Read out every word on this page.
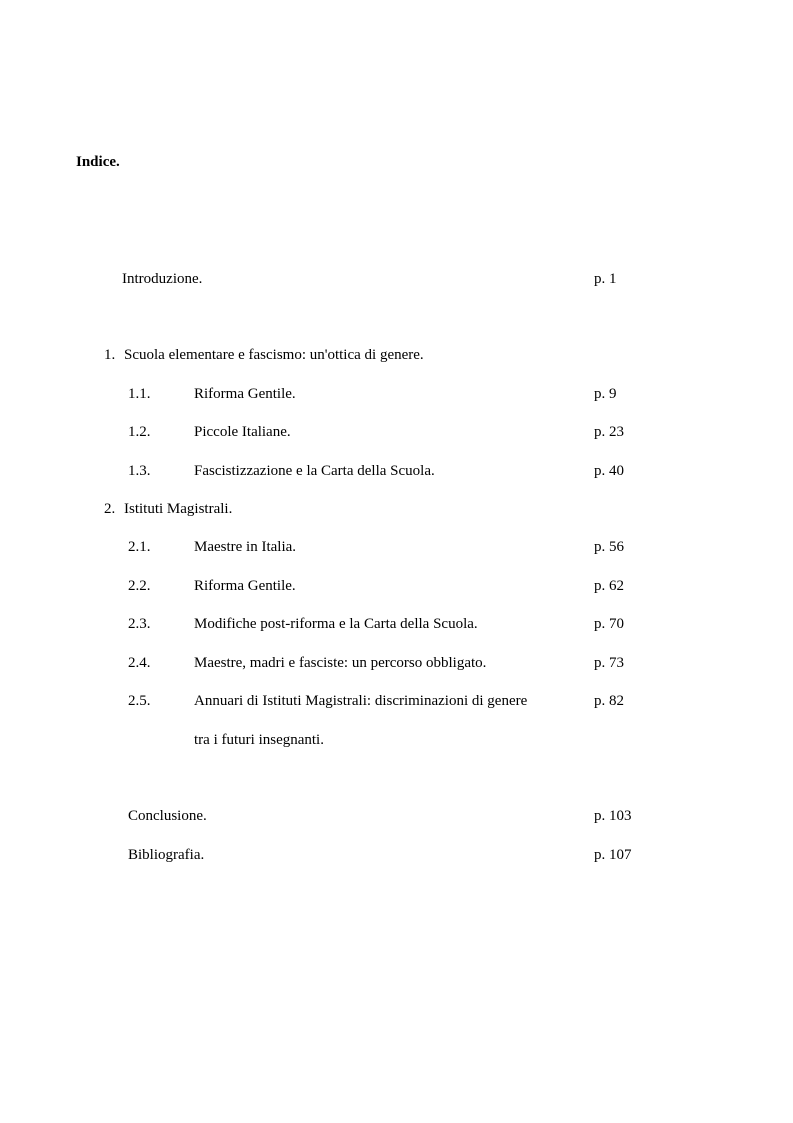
Indice.
Introduzione.	p. 1
1. Scuola elementare e fascismo: un'ottica di genere.
1.1.	Riforma Gentile.	p. 9
1.2.	Piccole Italiane.	p. 23
1.3.	Fascistizzazione e la Carta della Scuola.	p. 40
2. Istituti Magistrali.
2.1.	Maestre in Italia.	p. 56
2.2.	Riforma Gentile.	p. 62
2.3.	Modifiche post-riforma e la Carta della Scuola.	p. 70
2.4.	Maestre, madri e fasciste: un percorso obbligato.	p. 73
2.5.	Annuari di Istituti Magistrali: discriminazioni di genere	p. 82
tra i futuri insegnanti.
Conclusione.	p. 103
Bibliografia.	p. 107
